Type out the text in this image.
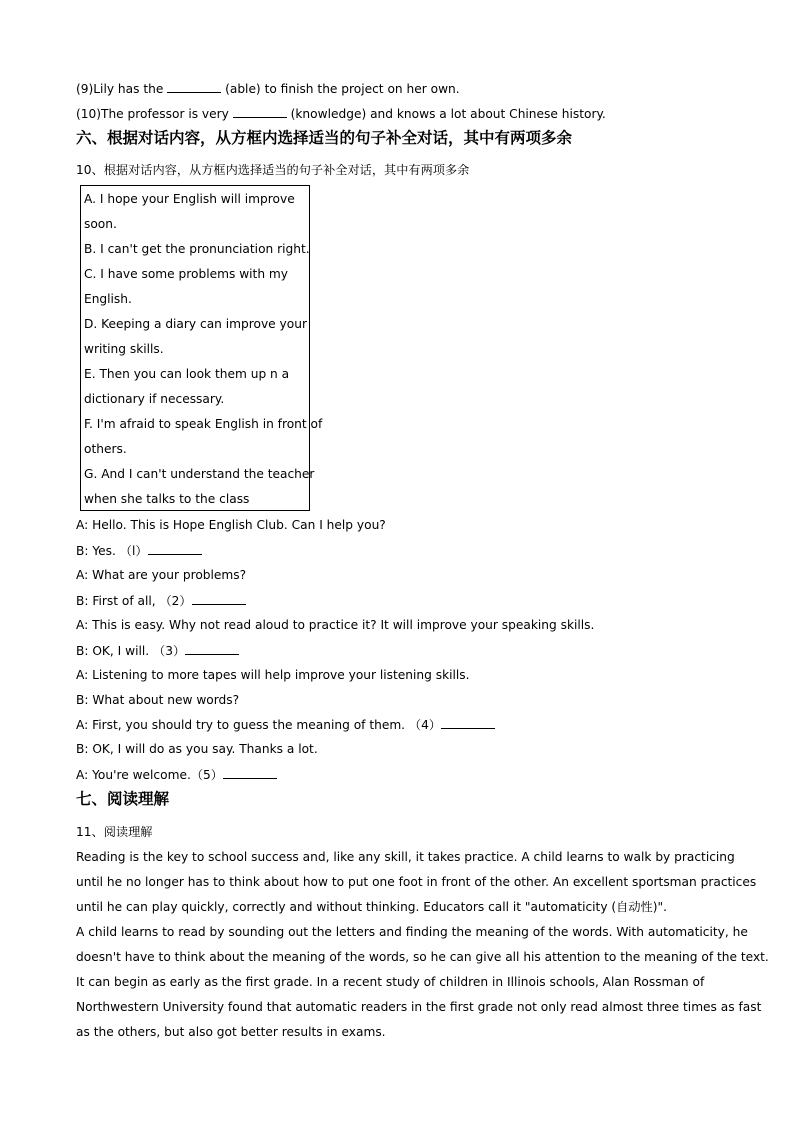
(9)Lily has the	(able) to finish the project on her own.
(10)The professor is very	(knowledge) and knows a lot about Chinese history.
六、根据对话内容，从方框内选择适当的句子补全对话，其中有两项多余
10、根据对话内容，从方框内选择适当的句子补全对话，其中有两项多余
A. I hope your English will improve
soon.
B. I can't get the pronunciation right.
C. I have some problems with my
English.
D. Keeping a diary can improve your
writing skills.
E. Then you can look them up n a
dictionary if necessary.
F. I'm afraid to speak English in front of
others.
G. And I can't understand the teacher
when she talks to the class
A: Hello. This is Hope English Club. Can I help you?
B: Yes. （l）
A: What are your problems?
B: First of all, （2）
A: This is easy. Why not read aloud to practice it? It will improve your speaking skills.
B: OK, I will. （3）
A: Listening to more tapes will help improve your listening skills.
B: What about new words?
A: First, you should try to guess the meaning of them. （4）
B: OK, I will do as you say. Thanks a lot.
A: You're welcome.（5）
七、阅读理解
11、阅读理解
Reading is the key to school success and, like any skill, it takes practice. A child learns to walk by practicing
until he no longer has to think about how to put one foot in front of the other. An excellent sportsman practices
until he can play quickly, correctly and without thinking. Educators call it "automaticity (自动性)".
A child learns to read by sounding out the letters and finding the meaning of the words. With automaticity, he
doesn't have to think about the meaning of the words, so he can give all his attention to the meaning of the text.
It can begin as early as the first grade. In a recent study of children in Illinois schools, Alan Rossman of
Northwestern University found that automatic readers in the first grade not only read almost three times as fast
as the others, but also got better results in exams.
